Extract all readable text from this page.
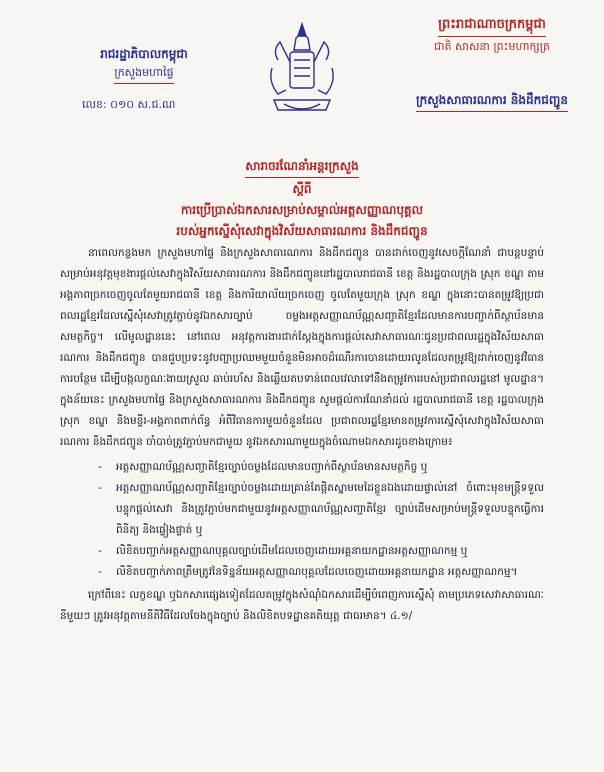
រាជរដ្ឋាភិបាលកម្ពុជា
ក្រសួងមហាផ្ទៃ
លេខ: ០១០ ស.ជ.ណ
ព្រះរាជាណាចក្រកម្ពុជា
ជាតិ សាសនា ព្រះមហាក្សត្រ
ក្រសួងសាធារណការ និងដឹកជញ្ជូន
សារាចរណែនាំអន្តរក្រសួង
ស្តីពី
ការប្រើប្រាស់ឯកសារសម្រាប់សម្គាល់អត្តសញ្ញាណបុគ្គល
របស់អ្នកស្នើសុំសេវាក្នុងវិស័យសាធារណការ និងដឹកជញ្ជូន

នាពេលកន្លងមក ក្រសួងមហាផ្ទៃ និងក្រសួងសាធារណការ និងដឹកជញ្ជូន បានដាក់ចេញនូវសេចក្តីណែនាំ ជាបន្តបន្ទាប់សម្រាប់អនុវត្តមុខងារផ្តល់សេវាក្នុងវិស័យសាធារណការ និងដឹកជញ្ជូននៅរដ្ឋបាលរាជធានី ខេត្ត និងរដ្ឋបាលក្រុង ស្រុក ខណ្ឌ តាមអង្គភាពច្រកចេញចូលតែមួយរាជធានី ខេត្ត និងការិយាល័យច្រកចេញ ចូលតែមួយក្រុង ស្រុក ខណ្ឌ ក្នុងនោះបានតម្រូវឱ្យប្រជាពលរដ្ឋខ្មែរដែលស្នើសុំសេវាត្រូវភ្ជាប់នូវឯកសារច្បាប់ ចម្លងអត្តសញ្ញាណប័ណ្ណសញ្ជាតិខ្មែរដែលមានការបញ្ជាក់ពីស្ថាប័នមានសមត្ថកិច្ច។ លើមូលដ្ឋាននេះ នៅពេល អនុវត្តការងារជាក់ស្តែងក្នុងការផ្តល់សេវាសាធារណៈជូនប្រជាពលរដ្ឋក្នុងវិស័យសាធារណការ និងដឹកជញ្ជូន បានជួបប្រទះនូវបញ្ហាប្រឈមមួយចំនួនមិនអាចដំណើរការបានដោយរលូនដែលតម្រូវឱ្យដាក់ចេញនូវវិធានការបន្ថែម ដើម្បីបង្កលក្ខណៈងាយស្រួល ឆាប់រហ័ស និងឆ្លើយតបទាន់ពេលវេលាទៅនឹងតម្រូវការរបស់ប្រជាពលរដ្ឋនៅ មូលដ្ឋាន។ ក្នុងន័យនេះ ក្រសួងមហាផ្ទៃ និងក្រសួងសាធារណការ និងដឹកជញ្ជូន សូមផ្តល់ការណែនាំដល់ រដ្ឋបាលរាជធានី ខេត្ត រដ្ឋបាលក្រុង ស្រុក ខណ្ឌ និងមន្ទីរ-អង្គភាពពាក់ព័ន្ធ អំពីវិធានការមួយចំនួនដែល ប្រជាពលរដ្ឋខ្មែរមានតម្រូវការស្នើសុំសេវាក្នុងវិស័យសាធារណការ និងដឹកជញ្ជូន ចាំបាច់ត្រូវភ្ជាប់មកជាមួយ នូវឯកសារណាមួយក្នុងចំណោមឯកសារដូចខាងក្រោម៖

- អត្តសញ្ញាណប័ណ្ណសញ្ជាតិខ្មែរច្បាប់ចម្លងដែលមានបញ្ជាក់ពីស្ថាប័នមានសមត្ថកិច្ច ឬ
- អត្តសញ្ញាណប័ណ្ណសញ្ជាតិខ្មែរច្បាប់ចម្លងដោយគ្រាន់តែផ្តិតស្នាមមេដៃខ្លួនឯងដោយផ្ទាល់នៅ ចំពោះមុខមន្ត្រីទទួលបន្ទុកផ្តល់សេវា និងត្រូវភ្ជាប់មកជាមួយនូវអត្តសញ្ញាណប័ណ្ណសញ្ជាតិខ្មែរ ច្បាប់ដើមសម្រាប់មន្ត្រីទទួលបន្ទុកធ្វើការពិនិត្យ និងផ្ទៀងផ្ទាត់ ឬ
- លិខិតបញ្ជាក់អត្តសញ្ញាណបុគ្គលច្បាប់ដើមដែលចេញដោយអគ្គនាយកដ្ឋានអត្តសញ្ញាណកម្ម ឬ
- លិខិតបញ្ជាក់ភាពត្រឹមត្រូវនៃទិន្នន័យអត្តសញ្ញាណបុគ្គលដែលចេញដោយអគ្គនាយកដ្ឋាន អត្តសញ្ញាណកម្ម។

ក្រៅពីនេះ លក្ខខណ្ឌ ឬឯកសារផ្សេងទៀតដែលតម្រូវក្នុងសំណុំឯកសារដើម្បីបំពេញការស្នើសុំ តាមប្រភេទសេវាសាធារណៈនីមួយៗ ត្រូវអនុវត្តតាមនីតិវិធីដែលចែងក្នុងច្បាប់ និងលិខិតបទដ្ឋានគតិយុត្ត ជាធរមាន។ ៤.១/
